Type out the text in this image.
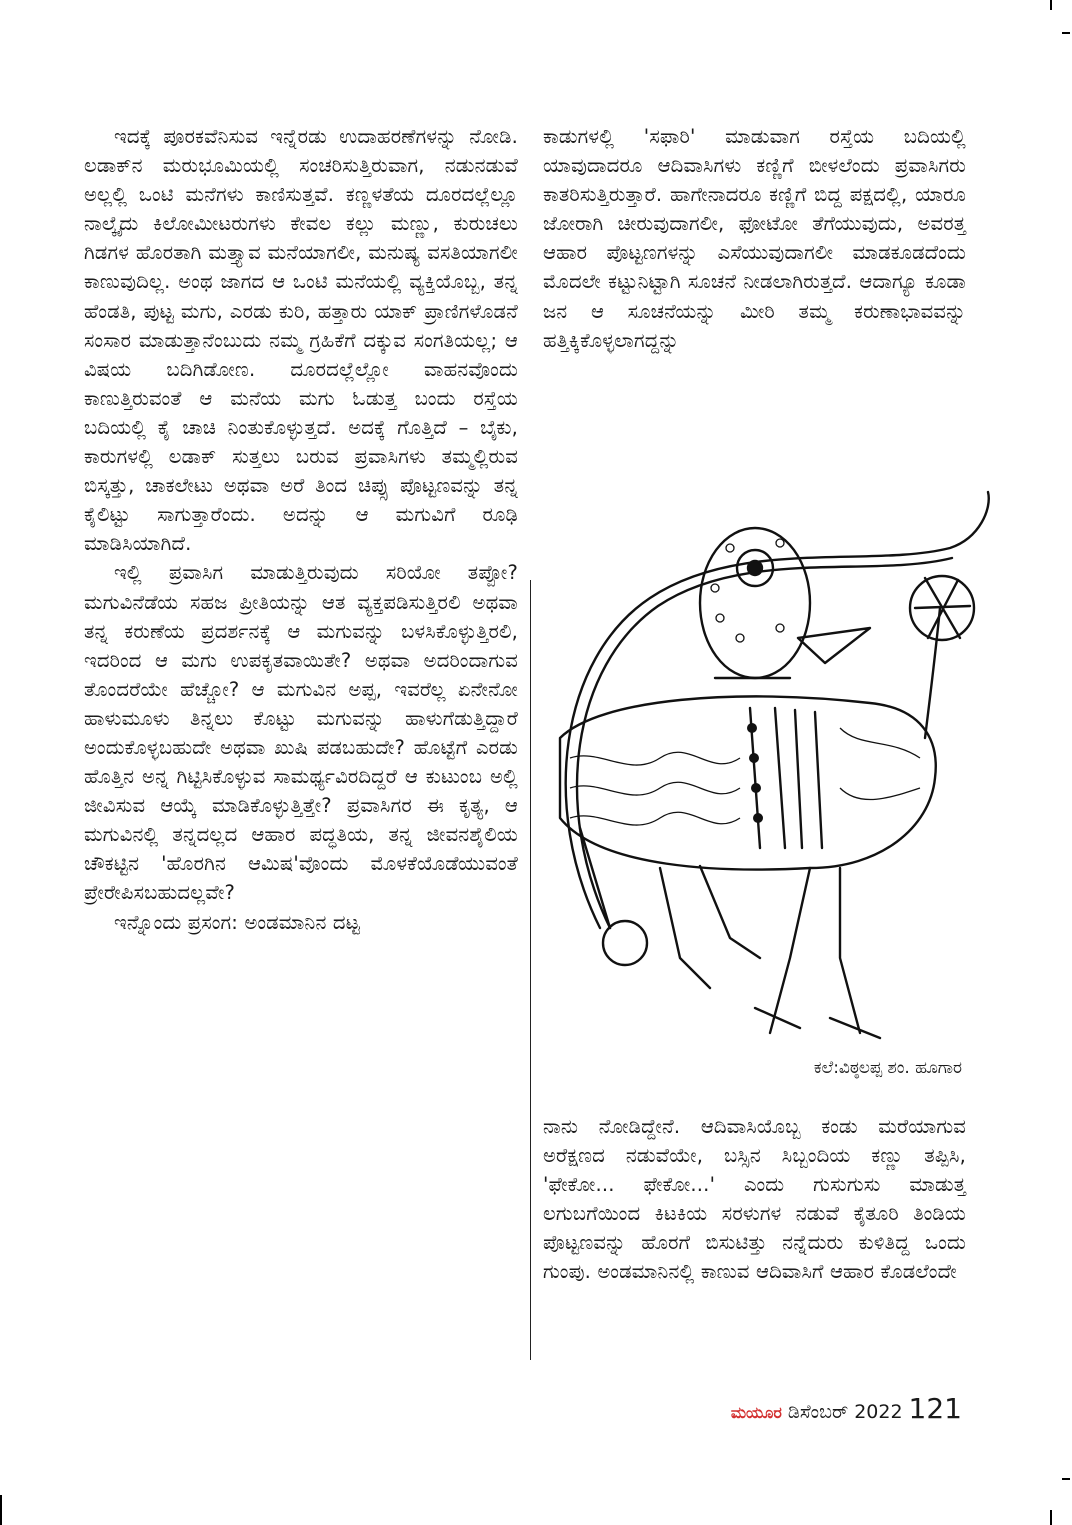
ಇದಕ್ಕೆ ಪೂರಕವೆನಿಸುವ ಇನ್ನೆರಡು ಉದಾಹರಣೆಗಳನ್ನು ನೋಡಿ. ಲಡಾಕ್‌ನ ಮರುಭೂಮಿಯಲ್ಲಿ ಸಂಚರಿಸುತ್ತಿರುವಾಗ, ನಡುನಡುವೆ ಅಲ್ಲಲ್ಲಿ ಒಂಟಿ ಮನೆಗಳು ಕಾಣಿಸುತ್ತವೆ. ಕಣ್ಣಳತೆಯ ದೂರದಲ್ಲೆಲ್ಲೂ ನಾಲ್ಕೈದು ಕಿಲೋಮೀಟರುಗಳು ಕೇವಲ ಕಲ್ಲು ಮಣ್ಣು, ಕುರುಚಲು ಗಿಡಗಳ ಹೊರತಾಗಿ ಮತ್ತ್ಯಾವ ಮನೆಯಾಗಲೀ, ಮನುಷ್ಯ ವಸತಿಯಾಗಲೀ ಕಾಣುವುದಿಲ್ಲ. ಅಂಥ ಜಾಗದ ಆ ಒಂಟಿ ಮನೆಯಲ್ಲಿ ವ್ಯಕ್ತಿಯೊಬ್ಬ, ತನ್ನ ಹೆಂಡತಿ, ಪುಟ್ಟ ಮಗು, ಎರಡು ಕುರಿ, ಹತ್ತಾರು ಯಾಕ್ ಪ್ರಾಣಿಗಳೊಡನೆ ಸಂಸಾರ ಮಾಡುತ್ತಾನೆಂಬುದು ನಮ್ಮ ಗ್ರಹಿಕೆಗೆ ದಕ್ಕುವ ಸಂಗತಿಯಲ್ಲ; ಆ ವಿಷಯ ಬದಿಗಿಡೋಣ. ದೂರದಲ್ಲೆಲ್ಲೋ ವಾಹನವೊಂದು ಕಾಣುತ್ತಿರುವಂತೆ ಆ ಮನೆಯ ಮಗು ಓಡುತ್ತ ಬಂದು ರಸ್ತೆಯ ಬದಿಯಲ್ಲಿ ಕೈ ಚಾಚಿ ನಿಂತುಕೊಳ್ಳುತ್ತದೆ. ಅದಕ್ಕೆ ಗೊತ್ತಿದೆ – ಬೈಕು, ಕಾರುಗಳಲ್ಲಿ ಲಡಾಕ್ ಸುತ್ತಲು ಬರುವ ಪ್ರವಾಸಿಗಳು ತಮ್ಮಲ್ಲಿರುವ ಬಿಸ್ಕತ್ತು, ಚಾಕಲೇಟು ಅಥವಾ ಅರೆ ತಿಂದ ಚಿಪ್ಸು ಪೊಟ್ಟಣವನ್ನು ತನ್ನ ಕೈಲಿಟ್ಟು ಸಾಗುತ್ತಾರೆಂದು. ಅದನ್ನು ಆ ಮಗುವಿಗೆ ರೂಢಿ ಮಾಡಿಸಿಯಾಗಿದೆ.

ಇಲ್ಲಿ ಪ್ರವಾಸಿಗ ಮಾಡುತ್ತಿರುವುದು ಸರಿಯೋ ತಪ್ಪೋ? ಮಗುವಿನೆಡೆಯ ಸಹಜ ಪ್ರೀತಿಯನ್ನು ಆತ ವ್ಯಕ್ತಪಡಿಸುತ್ತಿರಲಿ ಅಥವಾ ತನ್ನ ಕರುಣೆಯ ಪ್ರದರ್ಶನಕ್ಕೆ ಆ ಮಗುವನ್ನು ಬಳಸಿಕೊಳ್ಳುತ್ತಿರಲಿ, ಇದರಿಂದ ಆ ಮಗು ಉಪಕೃತವಾಯಿತೇ? ಅಥವಾ ಅದರಿಂದಾಗುವ ತೊಂದರೆಯೇ ಹೆಚ್ಚೋ? ಆ ಮಗುವಿನ ಅಪ್ಪ, ಇವರೆಲ್ಲ ಏನೇನೋ ಹಾಳುಮೂಳು ತಿನ್ನಲು ಕೊಟ್ಟು ಮಗುವನ್ನು ಹಾಳುಗೆಡುತ್ತಿದ್ದಾರೆ ಅಂದುಕೊಳ್ಳಬಹುದೇ ಅಥವಾ ಖುಷಿ ಪಡಬಹುದೇ? ಹೊಟ್ಟೆಗೆ ಎರಡು ಹೊತ್ತಿನ ಅನ್ನ ಗಿಟ್ಟಿಸಿಕೊಳ್ಳುವ ಸಾಮರ್ಥ್ಯವಿರದಿದ್ದರೆ ಆ ಕುಟುಂಬ ಅಲ್ಲಿ ಜೀವಿಸುವ ಆಯ್ಕೆ ಮಾಡಿಕೊಳ್ಳುತ್ತಿತ್ತೇ? ಪ್ರವಾಸಿಗರ ಈ ಕೃತ್ಯ, ಆ ಮಗುವಿನಲ್ಲಿ ತನ್ನದಲ್ಲದ ಆಹಾರ ಪದ್ಧತಿಯ, ತನ್ನ ಜೀವನಶೈಲಿಯ ಚೌಕಟ್ಟಿನ 'ಹೊರಗಿನ ಆಮಿಷ'ವೊಂದು ಮೊಳಕೆಯೊಡೆಯುವಂತೆ ಪ್ರೇರೇಪಿಸಬಹುದಲ್ಲವೇ?

ಇನ್ನೊಂದು ಪ್ರಸಂಗ: ಅಂಡಮಾನಿನ ದಟ್ಟ

ಕಾಡುಗಳಲ್ಲಿ 'ಸಫಾರಿ' ಮಾಡುವಾಗ ರಸ್ತೆಯ ಬದಿಯಲ್ಲಿ ಯಾವುದಾದರೂ ಆದಿವಾಸಿಗಳು ಕಣ್ಣಿಗೆ ಬೀಳಲೆಂದು ಪ್ರವಾಸಿಗರು ಕಾತರಿಸುತ್ತಿರುತ್ತಾರೆ. ಹಾಗೇನಾದರೂ ಕಣ್ಣಿಗೆ ಬಿದ್ದ ಪಕ್ಷದಲ್ಲಿ, ಯಾರೂ ಜೋರಾಗಿ ಚೀರುವುದಾಗಲೀ, ಫೋಟೋ ತೆಗೆಯುವುದು, ಅವರತ್ತ ಆಹಾರ ಪೊಟ್ಟಣಗಳನ್ನು ಎಸೆಯುವುದಾಗಲೀ ಮಾಡಕೂಡದೆಂದು ಮೊದಲೇ ಕಟ್ಟುನಿಟ್ಟಾಗಿ ಸೂಚನೆ ನೀಡಲಾಗಿರುತ್ತದೆ. ಆದಾಗ್ಯೂ ಕೂಡಾ ಜನ ಆ ಸೂಚನೆಯನ್ನು ಮೀರಿ ತಮ್ಮ ಕರುಣಾಭಾವವನ್ನು ಹತ್ತಿಕ್ಕಿಕೊಳ್ಳಲಾಗದ್ದನ್ನು

ಕಲೆ:ವಿಠ್ಠಲಪ್ಪ ಶಂ. ಹೂಗಾರ

ನಾನು ನೋಡಿದ್ದೇನೆ. ಆದಿವಾಸಿಯೊಬ್ಬ ಕಂಡು ಮರೆಯಾಗುವ ಅರೆಕ್ಷಣದ ನಡುವೆಯೇ, ಬಸ್ಸಿನ ಸಿಬ್ಬಂದಿಯ ಕಣ್ಣು ತಪ್ಪಿಸಿ, 'ಫೇಕೋ... ಫೇಕೋ...' ಎಂದು ಗುಸುಗುಸು ಮಾಡುತ್ತ ಲಗುಬಗೆಯಿಂದ ಕಿಟಕಿಯ ಸರಳುಗಳ ನಡುವೆ ಕೈತೂರಿ ತಿಂಡಿಯ ಪೊಟ್ಟಣವನ್ನು ಹೊರಗೆ ಬಿಸುಟಿತ್ತು ನನ್ನೆದುರು ಕುಳಿತಿದ್ದ ಒಂದು ಗುಂಪು. ಅಂಡಮಾನಿನಲ್ಲಿ ಕಾಣುವ ಆದಿವಾಸಿಗೆ ಆಹಾರ ಕೊಡಲೆಂದೇ

ಮಯೂರ ಡಿಸೆಂಬರ್ 2022 121
